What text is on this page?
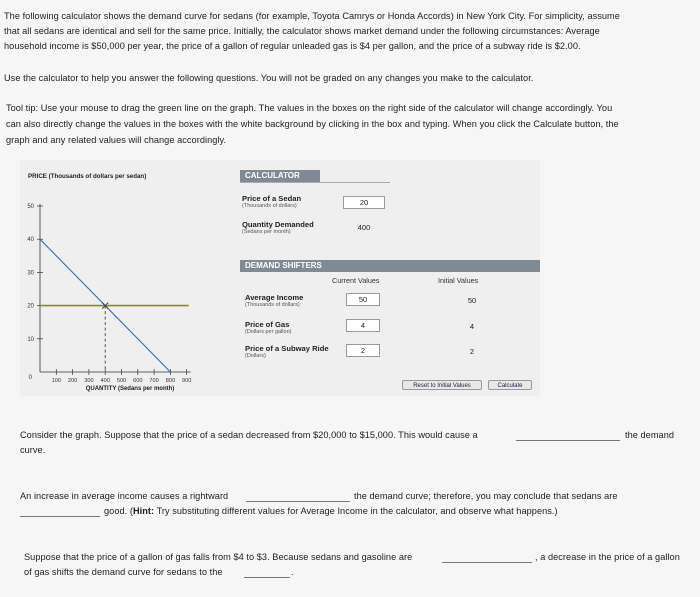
The following calculator shows the demand curve for sedans (for example, Toyota Camrys or Honda Accords) in New York City. For simplicity, assume
that all sedans are identical and sell for the same price. Initially, the calculator shows market demand under the following circumstances: Average
household income is $50,000 per year, the price of a gallon of regular unleaded gas is $4 per gallon, and the price of a subway ride is $2.00.
Use the calculator to help you answer the following questions. You will not be graded on any changes you make to the calculator.
Tool tip: Use your mouse to drag the green line on the graph. The values in the boxes on the right side of the calculator will change accordingly. You
can also directly change the values in the boxes with the white background by clicking in the box and typing. When you click the Calculate button, the
graph and any related values will change accordingly.
PRICE (Thousands of dollars per sedan)
QUANTITY (Sedans per month)
50
40
30
20
10
0	100 200 300 400 500 600 700 800 900
CALCULATOR
Price of a Sedan
(Thousands of dollars)	20
Quantity Demanded
(Sedans per month)	400
DEMAND SHIFTERS
Current Values	Initial Values
Average Income
(Thousands of dollars)
50	50
Price of Gas
(Dollars per gallon)
4	4
Price of a Subway Ride
(Dollars)
2	2
Reset to Initial Values	Calculate
Consider the graph. Suppose that the price of a sedan decreased from $20,000 to $15,000. This would cause a	the demand
curve.
An increase in average income causes a rightward	the demand curve; therefore, you may conclude that sedans are
good. (Hint: Try substituting different values for Average Income in the calculator, and observe what happens.)
Suppose that the price of a gallon of gas falls from $4 to $3. Because sedans and gasoline are	, a decrease in the price of a gallon
of gas shifts the demand curve for sedans to the	.
